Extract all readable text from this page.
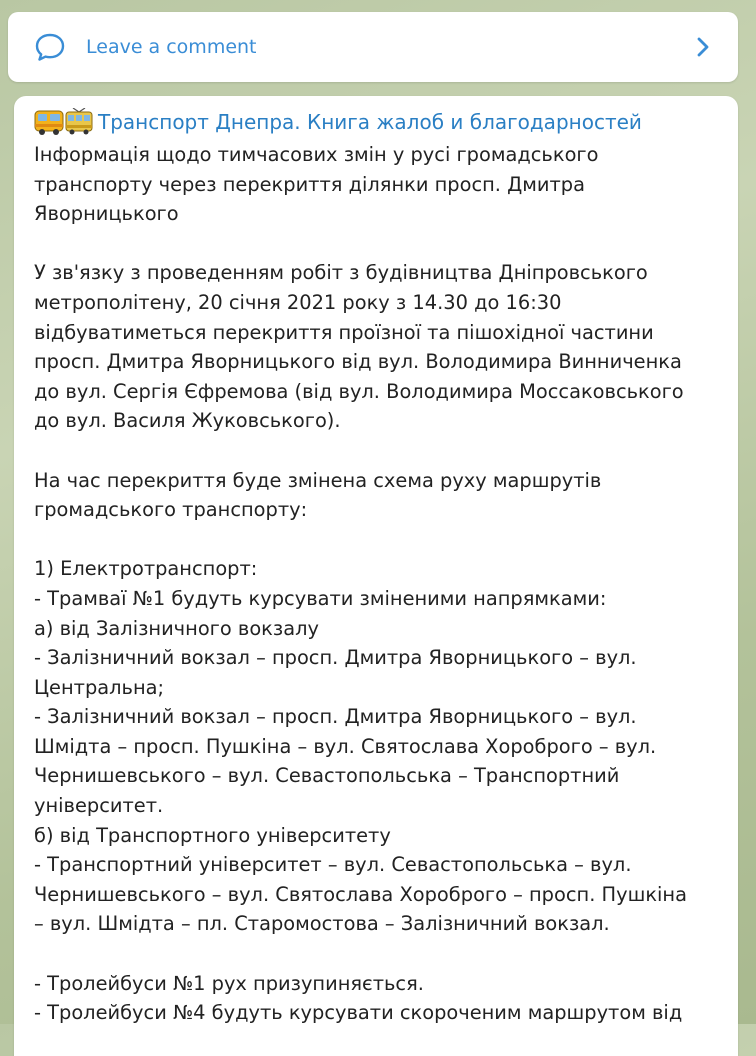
Leave a comment
Транспорт Днепра. Книга жалоб и благодарностей
Інформація щодо тимчасових змін у русі громадського
транспорту через перекриття ділянки просп. Дмитра
Яворницького
У зв'язку з проведенням робіт з будівництва Дніпровського
метрополітену, 20 січня 2021 року з 14.30 до 16:30
відбуватиметься перекриття проїзної та пішохідної частини
просп. Дмитра Яворницького від вул. Володимира Винниченка
до вул. Сергія Єфремова (від вул. Володимира Моссаковського
до вул. Василя Жуковського).
На час перекриття буде змінена схема руху маршрутів
громадського транспорту:
1) Електротранспорт:
- Трамваї №1 будуть курсувати зміненими напрямками:
а) від Залізничного вокзалу
- Залізничний вокзал – просп. Дмитра Яворницького – вул.
Центральна;
- Залізничний вокзал – просп. Дмитра Яворницького – вул.
Шмідта – просп. Пушкіна – вул. Святослава Хороброго – вул.
Чернишевського – вул. Севастопольська – Транспортний
університет.
б) від Транспортного університету
- Транспортний університет – вул. Севастопольська – вул.
Чернишевського – вул. Святослава Хороброго – просп. Пушкіна
– вул. Шмідта – пл. Старомостова – Залізничний вокзал.
- Тролейбуси №1 рух призупиняється.
- Тролейбуси №4 будуть курсувати скороченим маршрутом від
